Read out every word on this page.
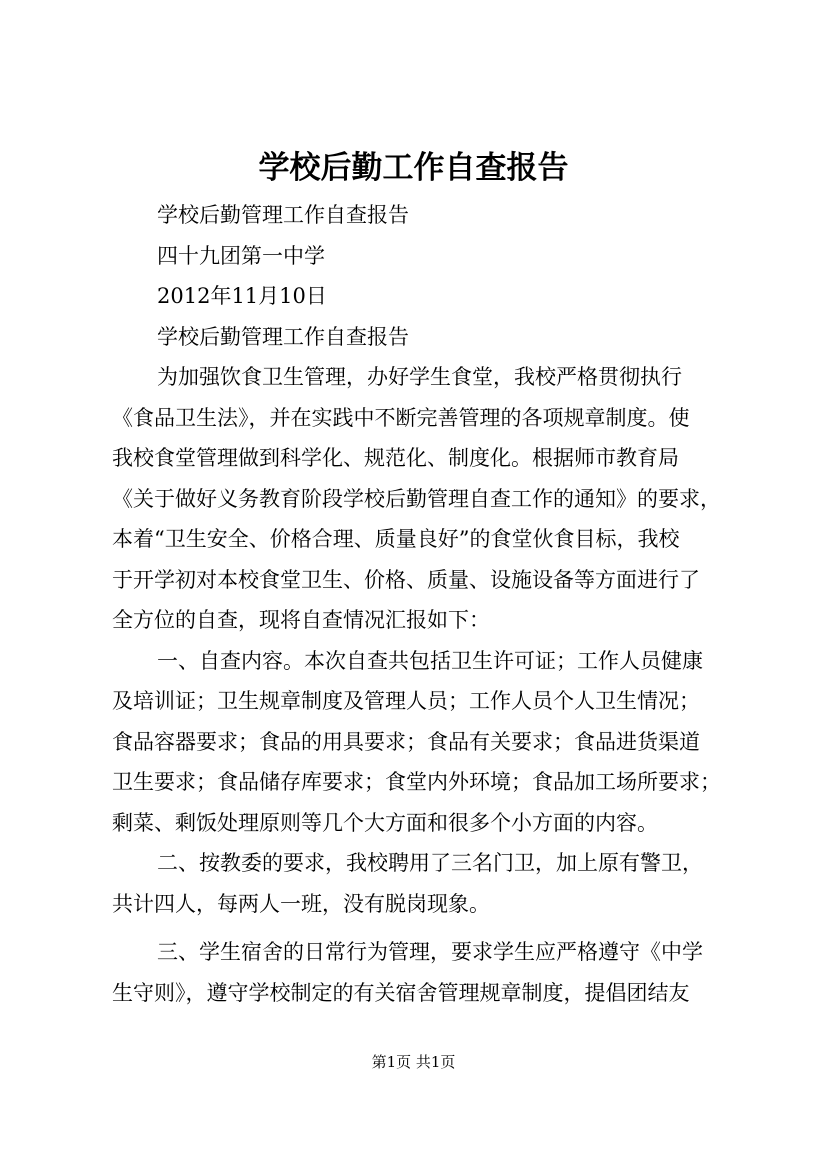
学校后勤工作自查报告
学校后勤管理工作自查报告
四十九团第一中学
2012年11月10日
学校后勤管理工作自查报告
为加强饮食卫生管理，办好学生食堂，我校严格贯彻执行
《食品卫生法》，并在实践中不断完善管理的各项规章制度。使
我校食堂管理做到科学化、规范化、制度化。根据师市教育局
《关于做好义务教育阶段学校后勤管理自查工作的通知》的要求，
本着“卫生安全、价格合理、质量良好”的食堂伙食目标，我校
于开学初对本校食堂卫生、价格、质量、设施设备等方面进行了
全方位的自查，现将自查情况汇报如下：
一、自查内容。本次自查共包括卫生许可证；工作人员健康
及培训证；卫生规章制度及管理人员；工作人员个人卫生情况；
食品容器要求；食品的用具要求；食品有关要求；食品进货渠道
卫生要求；食品储存库要求；食堂内外环境；食品加工场所要求；
剩菜、剩饭处理原则等几个大方面和很多个小方面的内容。
二、按教委的要求，我校聘用了三名门卫，加上原有警卫，
共计四人，每两人一班，没有脱岗现象。
三、学生宿舍的日常行为管理，要求学生应严格遵守《中学
生守则》，遵守学校制定的有关宿舍管理规章制度，提倡团结友
第1页 共1页
